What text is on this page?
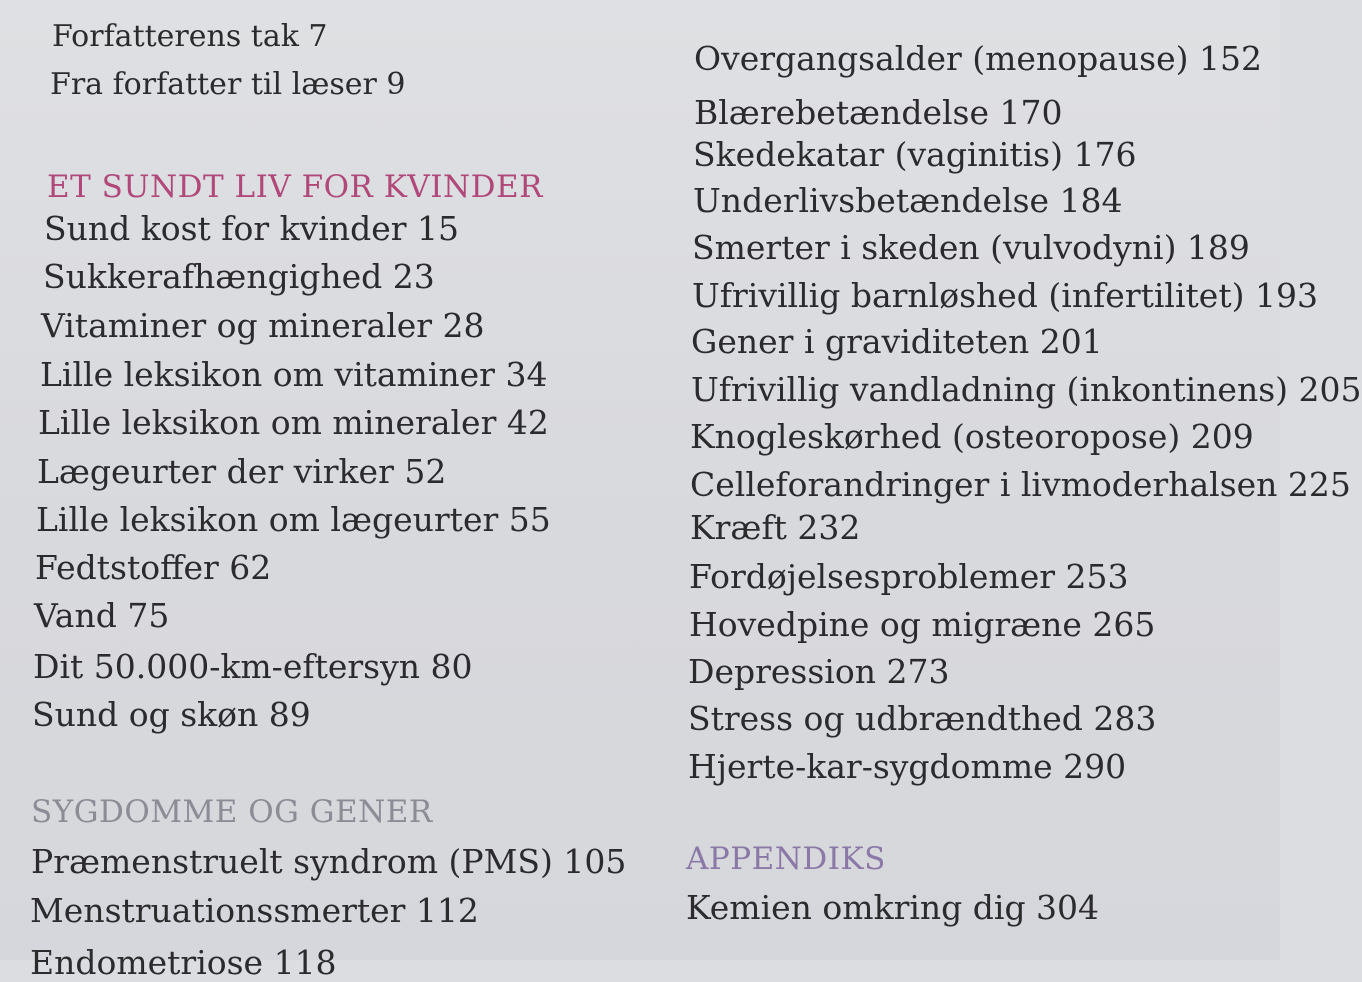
Forfatterens tak 7
Fra forfatter til læser 9
ET SUNDT LIV FOR KVINDER
Sund kost for kvinder 15
Sukkerafhængighed 23
Vitaminer og mineraler 28
Lille leksikon om vitaminer 34
Lille leksikon om mineraler 42
Lægeurter der virker 52
Lille leksikon om lægeurter 55
Fedtstoffer 62
Vand 75
Dit 50.000-km-eftersyn 80
Sund og skøn 89
SYGDOMME OG GENER
Præmenstruelt syndrom (PMS) 105
Menstruationssmerter 112
Endometriose 118
Overgangsalder (menopause) 152
Blærebetændelse 170
Skedekatar (vaginitis) 176
Underlivsbetændelse 184
Smerter i skeden (vulvodyni) 189
Ufrivillig barnløshed (infertilitet) 193
Gener i graviditeten 201
Ufrivillig vandladning (inkontinens) 205
Knogleskørhed (osteoropose) 209
Celleforandringer i livmoderhalsen 225
Kræft 232
Fordøjelsesproblemer 253
Hovedpine og migræne 265
Depression 273
Stress og udbrændthed 283
Hjerte-kar-sygdomme 290
APPENDIKS
Kemien omkring dig 304
